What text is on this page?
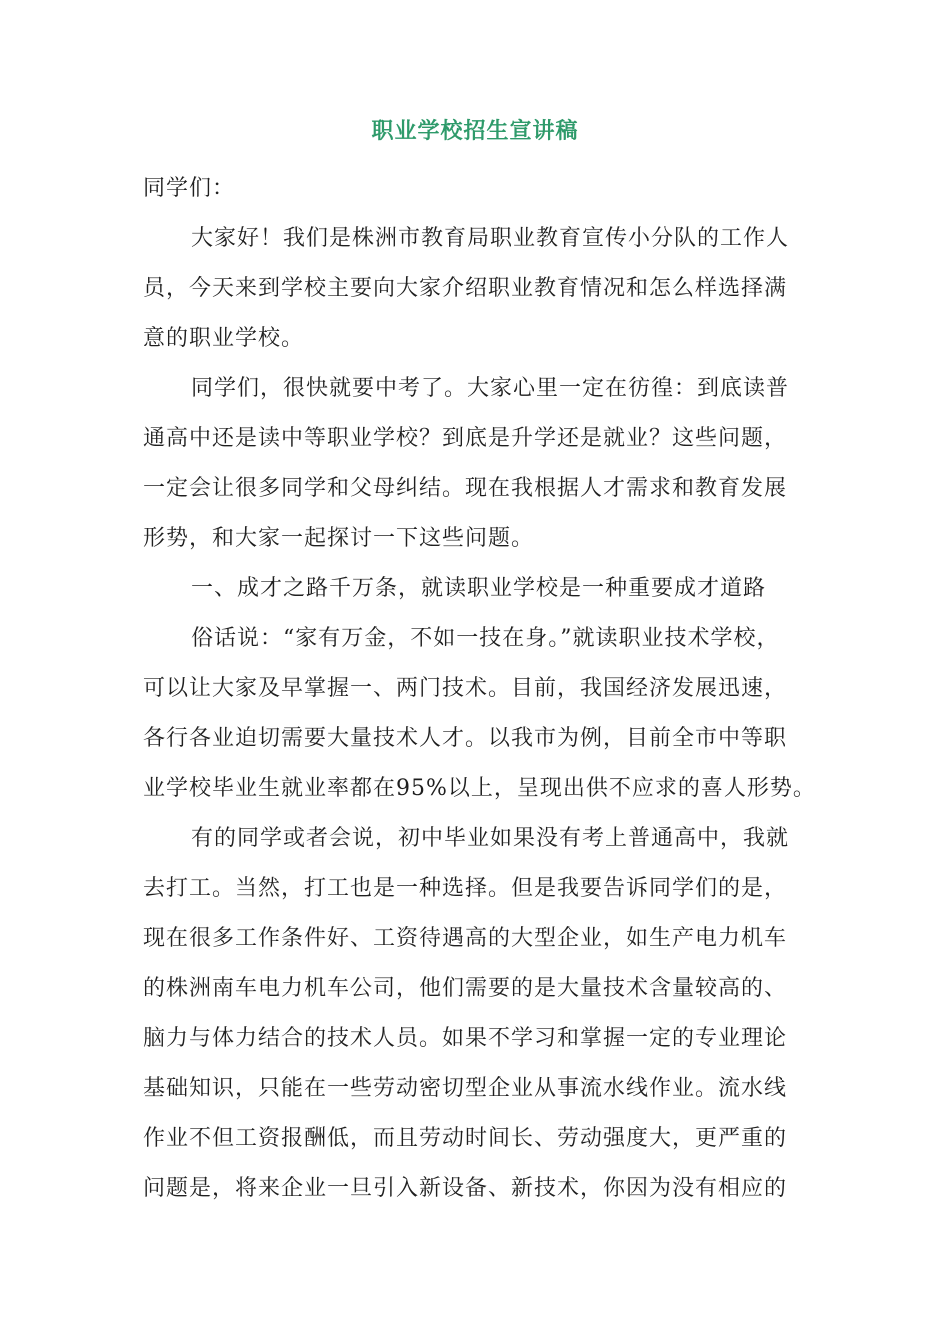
职业学校招生宣讲稿
同学们：
大家好！我们是株洲市教育局职业教育宣传小分队的工作人
员，今天来到学校主要向大家介绍职业教育情况和怎么样选择满
意的职业学校。
同学们，很快就要中考了。大家心里一定在彷徨：到底读普
通高中还是读中等职业学校？到底是升学还是就业？这些问题，
一定会让很多同学和父母纠结。现在我根据人才需求和教育发展
形势，和大家一起探讨一下这些问题。
一、成才之路千万条，就读职业学校是一种重要成才道路
俗话说：“家有万金，不如一技在身。”就读职业技术学校，
可以让大家及早掌握一、两门技术。目前，我国经济发展迅速，
各行各业迫切需要大量技术人才。以我市为例，目前全市中等职
业学校毕业生就业率都在95%以上，呈现出供不应求的喜人形势。
有的同学或者会说，初中毕业如果没有考上普通高中，我就
去打工。当然，打工也是一种选择。但是我要告诉同学们的是，
现在很多工作条件好、工资待遇高的大型企业，如生产电力机车
的株洲南车电力机车公司，他们需要的是大量技术含量较高的、
脑力与体力结合的技术人员。如果不学习和掌握一定的专业理论
基础知识，只能在一些劳动密切型企业从事流水线作业。流水线
作业不但工资报酬低，而且劳动时间长、劳动强度大，更严重的
问题是，将来企业一旦引入新设备、新技术，你因为没有相应的
